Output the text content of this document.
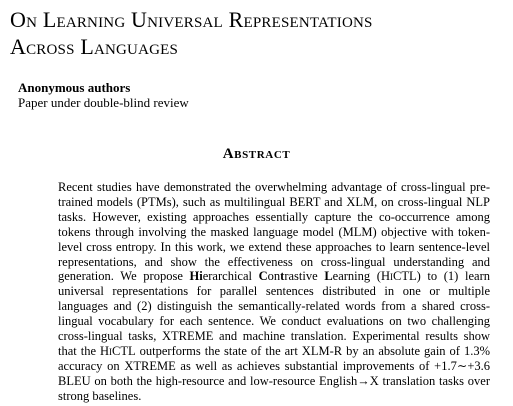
On Learning Universal Representations
Across Languages
Anonymous authors
Paper under double-blind review
Abstract

Recent studies have demonstrated the overwhelming advantage of cross-lingual pre-trained models (PTMs), such as multilingual BERT and XLM, on cross-lingual NLP tasks. However, existing approaches essentially capture the co-occurrence among tokens through involving the masked language model (MLM) objective with token-level cross entropy. In this work, we extend these approaches to learn sentence-level representations, and show the effectiveness on cross-lingual understanding and generation. We propose Hierarchical Contrastive Learning (HiCTL) to (1) learn universal representations for parallel sentences distributed in one or multiple languages and (2) distinguish the semantically-related words from a shared cross-lingual vocabulary for each sentence. We conduct evaluations on two challenging cross-lingual tasks, XTREME and machine translation. Experimental results show that the HiCTL outperforms the state of the art XLM-R by an absolute gain of 1.3% accuracy on XTREME as well as achieves substantial improvements of +1.7∼+3.6 BLEU on both the high-resource and low-resource English→X translation tasks over strong baselines.
